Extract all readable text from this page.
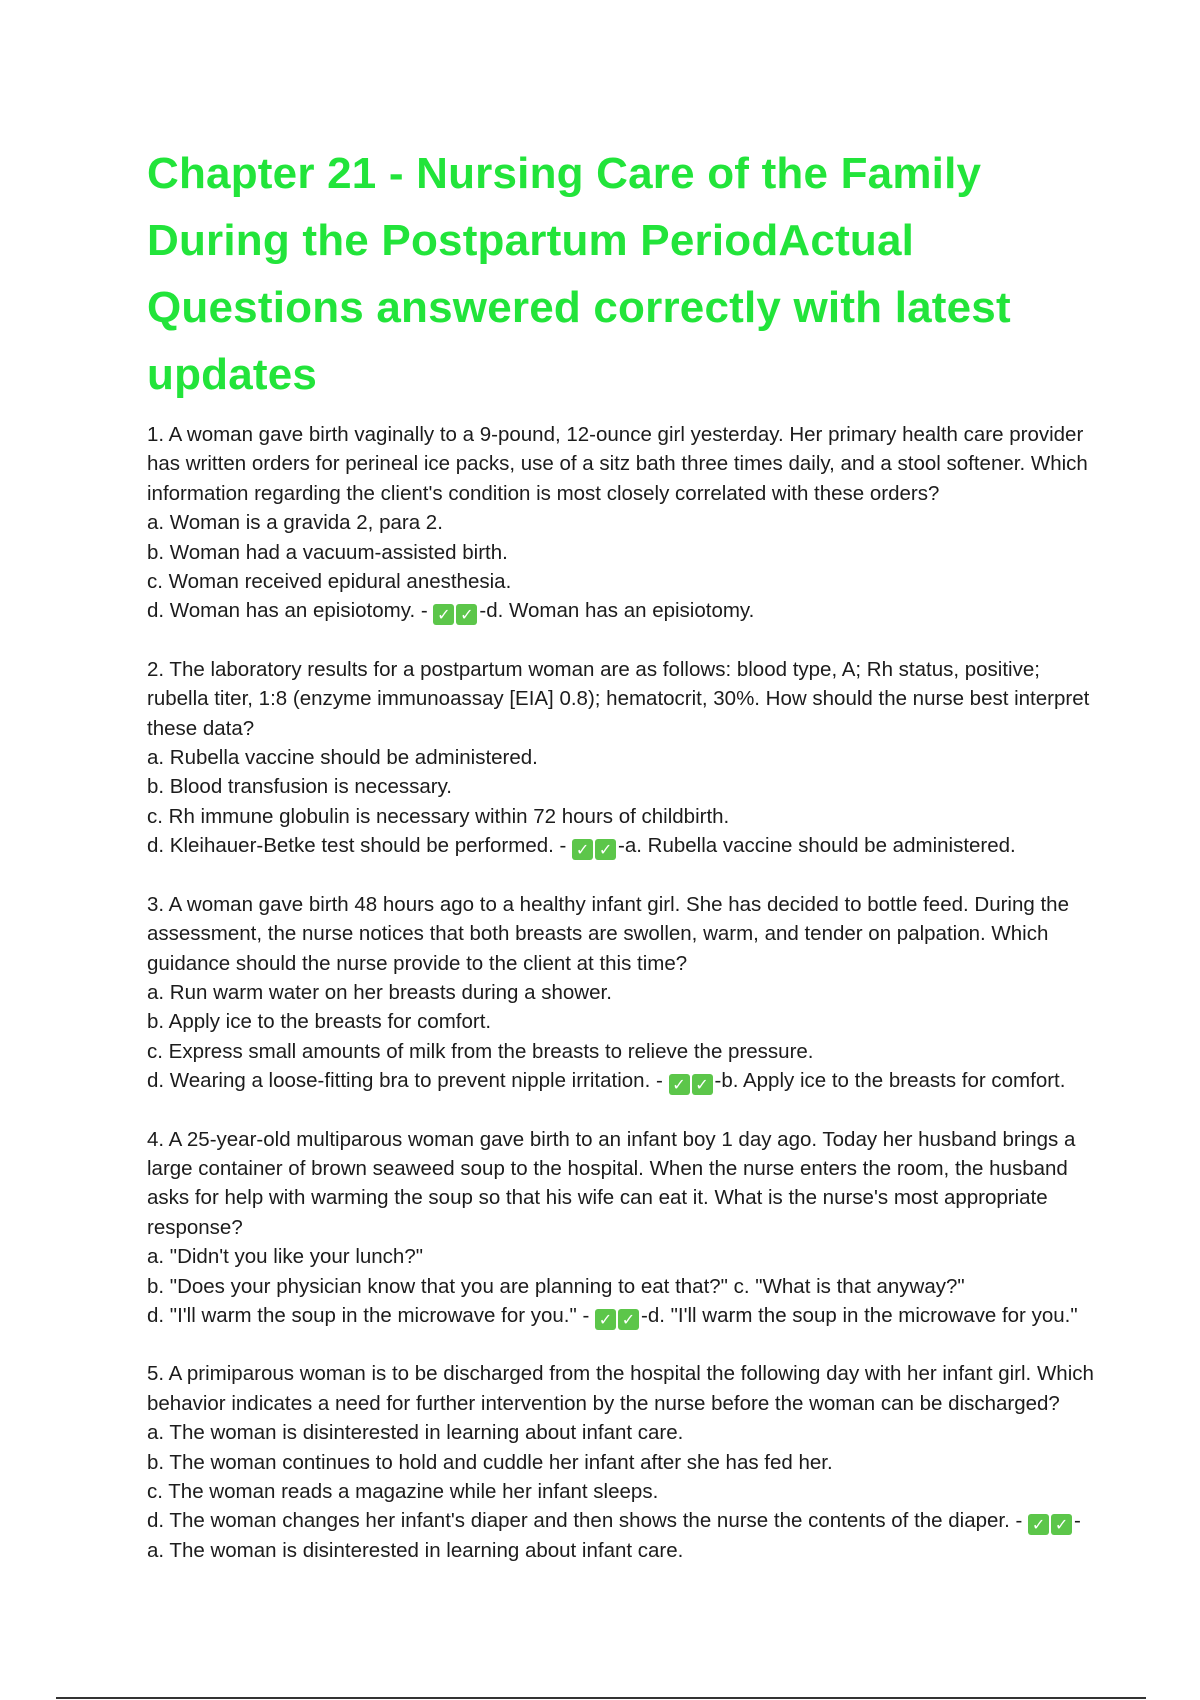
Chapter 21 - Nursing Care of the Family During the Postpartum PeriodActual Questions answered correctly with latest updates

1. A woman gave birth vaginally to a 9-pound, 12-ounce girl yesterday. Her primary health care provider has written orders for perineal ice packs, use of a sitz bath three times daily, and a stool softener. Which information regarding the client's condition is most closely correlated with these orders?

a. Woman is a gravida 2, para 2.

b. Woman had a vacuum-assisted birth.

c. Woman received epidural anesthesia.

d. Woman has an episiotomy. - ✓ ✓ -d. Woman has an episiotomy.

2. The laboratory results for a postpartum woman are as follows: blood type, A; Rh status, positive; rubella titer, 1:8 (enzyme immunoassay [EIA] 0.8); hematocrit, 30%. How should the nurse best interpret these data?

a. Rubella vaccine should be administered.

b. Blood transfusion is necessary.

c. Rh immune globulin is necessary within 72 hours of childbirth.

d. Kleihauer-Betke test should be performed. - ✓ ✓ -a. Rubella vaccine should be administered.

3. A woman gave birth 48 hours ago to a healthy infant girl. She has decided to bottle feed. During the assessment, the nurse notices that both breasts are swollen, warm, and tender on palpation. Which guidance should the nurse provide to the client at this time?

a. Run warm water on her breasts during a shower.

b. Apply ice to the breasts for comfort.

c. Express small amounts of milk from the breasts to relieve the pressure.

d. Wearing a loose-fitting bra to prevent nipple irritation. - ✓ ✓ -b. Apply ice to the breasts for comfort.

4. A 25-year-old multiparous woman gave birth to an infant boy 1 day ago. Today her husband brings a large container of brown seaweed soup to the hospital. When the nurse enters the room, the husband asks for help with warming the soup so that his wife can eat it. What is the nurse's most appropriate response?

a. "Didn't you like your lunch?"

b. "Does your physician know that you are planning to eat that?" c. "What is that anyway?"

d. "I'll warm the soup in the microwave for you." - ✓ ✓ -d. "I'll warm the soup in the microwave for you."

5. A primiparous woman is to be discharged from the hospital the following day with her infant girl. Which behavior indicates a need for further intervention by the nurse before the woman can be discharged?

a. The woman is disinterested in learning about infant care.

b. The woman continues to hold and cuddle her infant after she has fed her.

c. The woman reads a magazine while her infant sleeps.

d. The woman changes her infant's diaper and then shows the nurse the contents of the diaper. - ✓ ✓ -a. The woman is disinterested in learning about infant care.
